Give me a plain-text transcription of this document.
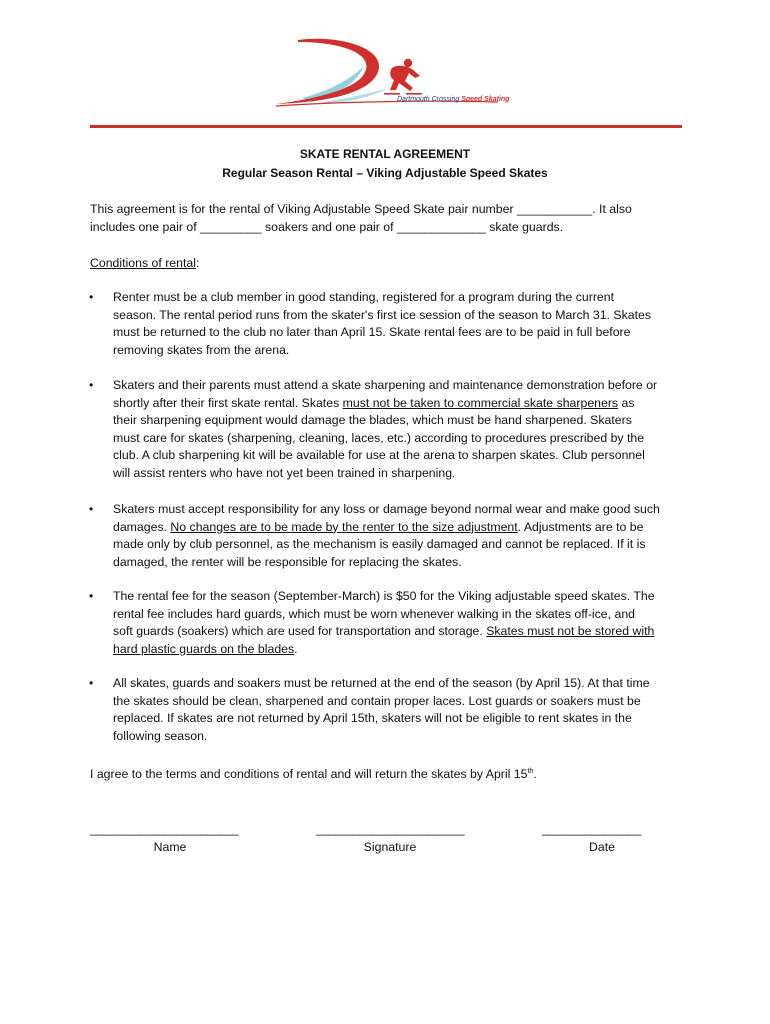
Dartmouth Crossing Speed Skating
SKATE RENTAL AGREEMENT
Regular Season Rental – Viking Adjustable Speed Skates

This agreement is for the rental of Viking Adjustable Speed Skate pair number ___________. It also
includes one pair of _________ soakers and one pair of _____________ skate guards.

Conditions of rental:

• Renter must be a club member in good standing, registered for a program during the current
season. The rental period runs from the skater's first ice session of the season to March 31. Skates
must be returned to the club no later than April 15. Skate rental fees are to be paid in full before
removing skates from the arena.

• Skaters and their parents must attend a skate sharpening and maintenance demonstration before or
shortly after their first skate rental. Skates must not be taken to commercial skate sharpeners as
their sharpening equipment would damage the blades, which must be hand sharpened. Skaters
must care for skates (sharpening, cleaning, laces, etc.) according to procedures prescribed by the
club. A club sharpening kit will be available for use at the arena to sharpen skates. Club personnel
will assist renters who have not yet been trained in sharpening.

• Skaters must accept responsibility for any loss or damage beyond normal wear and make good such
damages. No changes are to be made by the renter to the size adjustment. Adjustments are to be
made only by club personnel, as the mechanism is easily damaged and cannot be replaced. If it is
damaged, the renter will be responsible for replacing the skates.

• The rental fee for the season (September-March) is $50 for the Viking adjustable speed skates. The
rental fee includes hard guards, which must be worn whenever walking in the skates off-ice, and
soft guards (soakers) which are used for transportation and storage. Skates must not be stored with
hard plastic guards on the blades.

• All skates, guards and soakers must be returned at the end of the season (by April 15). At that time
the skates should be clean, sharpened and contain proper laces. Lost guards or soakers must be
replaced. If skates are not returned by April 15th, skaters will not be eligible to rent skates in the
following season.

I agree to the terms and conditions of rental and will return the skates by April 15th.

________________________	________________________	________________
Name	Signature	Date
